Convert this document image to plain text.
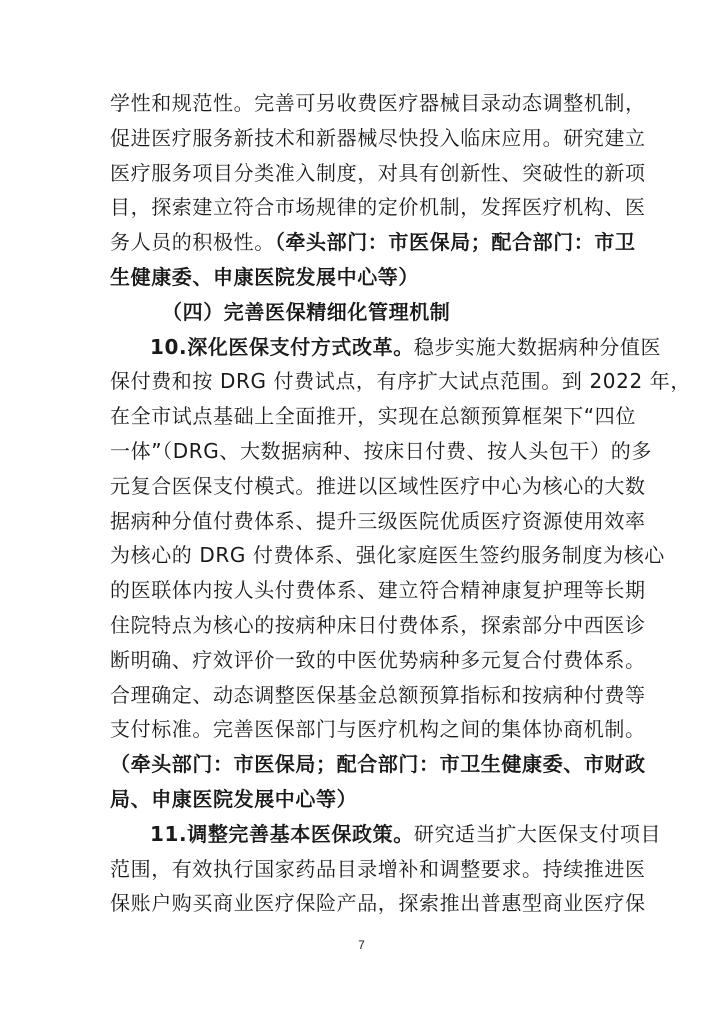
学性和规范性。完善可另收费医疗器械目录动态调整机制，
促进医疗服务新技术和新器械尽快投入临床应用。研究建立
医疗服务项目分类准入制度，对具有创新性、突破性的新项
目，探索建立符合市场规律的定价机制，发挥医疗机构、医
务人员的积极性。（牵头部门：市医保局；配合部门：市卫
生健康委、申康医院发展中心等）
（四）完善医保精细化管理机制
10.深化医保支付方式改革。稳步实施大数据病种分值医
保付费和按 DRG 付费试点，有序扩大试点范围。到 2022 年，
在全市试点基础上全面推开，实现在总额预算框架下“四位
一体”（DRG、大数据病种、按床日付费、按人头包干）的多
元复合医保支付模式。推进以区域性医疗中心为核心的大数
据病种分值付费体系、提升三级医院优质医疗资源使用效率
为核心的 DRG 付费体系、强化家庭医生签约服务制度为核心
的医联体内按人头付费体系、建立符合精神康复护理等长期
住院特点为核心的按病种床日付费体系，探索部分中西医诊
断明确、疗效评价一致的中医优势病种多元复合付费体系。
合理确定、动态调整医保基金总额预算指标和按病种付费等
支付标准。完善医保部门与医疗机构之间的集体协商机制。
（牵头部门：市医保局；配合部门：市卫生健康委、市财政
局、申康医院发展中心等）
11.调整完善基本医保政策。研究适当扩大医保支付项目
范围，有效执行国家药品目录增补和调整要求。持续推进医
保账户购买商业医疗保险产品，探索推出普惠型商业医疗保
7
